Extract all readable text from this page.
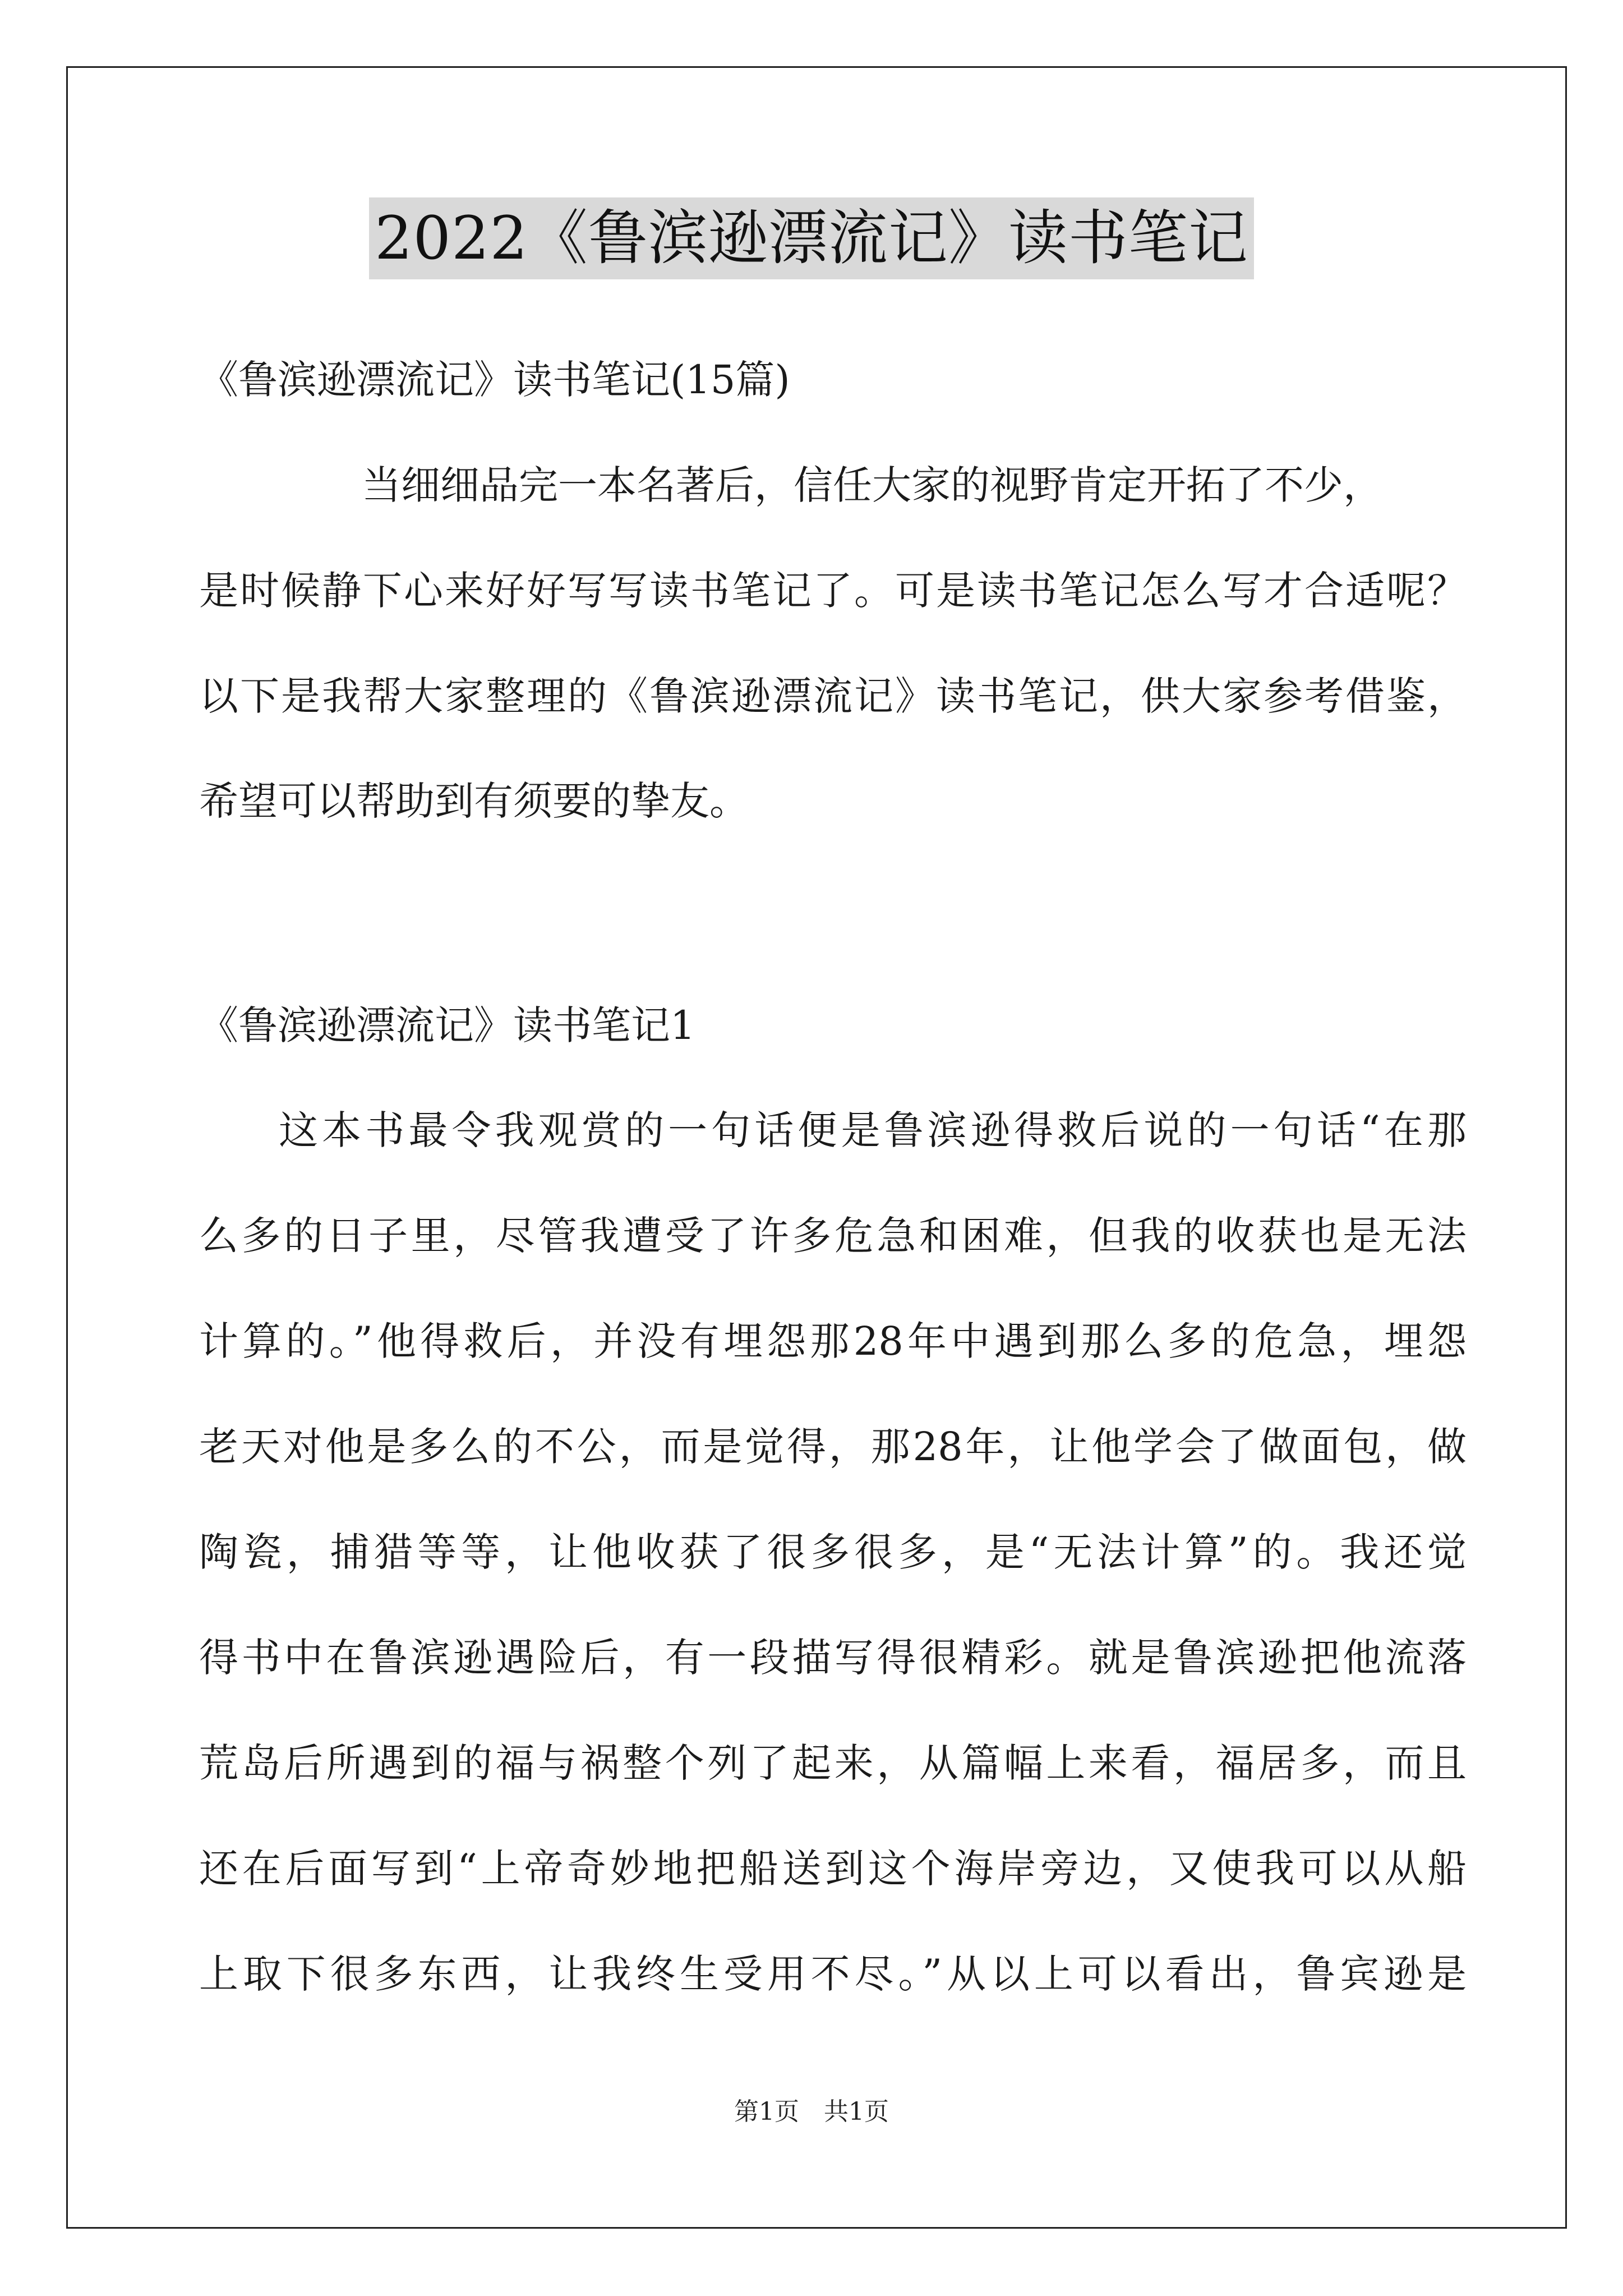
2022《鲁滨逊漂流记》读书笔记
《鲁滨逊漂流记》读书笔记(15篇)
当细细品完一本名著后，信任大家的视野肯定开拓了不少，
是时候静下心来好好写写读书笔记了。可是读书笔记怎么写才合适呢？
以下是我帮大家整理的《鲁滨逊漂流记》读书笔记，供大家参考借鉴，
希望可以帮助到有须要的挚友。
《鲁滨逊漂流记》读书笔记1
这本书最令我观赏的一句话便是鲁滨逊得救后说的一句话“在那
么多的日子里，尽管我遭受了许多危急和困难，但我的收获也是无法
计算的。”他得救后，并没有埋怨那28年中遇到那么多的危急，埋怨
老天对他是多么的不公，而是觉得，那28年，让他学会了做面包，做
陶瓷，捕猎等等，让他收获了很多很多，是“无法计算”的。我还觉
得书中在鲁滨逊遇险后，有一段描写得很精彩。就是鲁滨逊把他流落
荒岛后所遇到的福与祸整个列了起来，从篇幅上来看，福居多，而且
还在后面写到“上帝奇妙地把船送到这个海岸旁边，又使我可以从船
上取下很多东西，让我终生受用不尽。”从以上可以看出，鲁宾逊是
第1页　共1页
